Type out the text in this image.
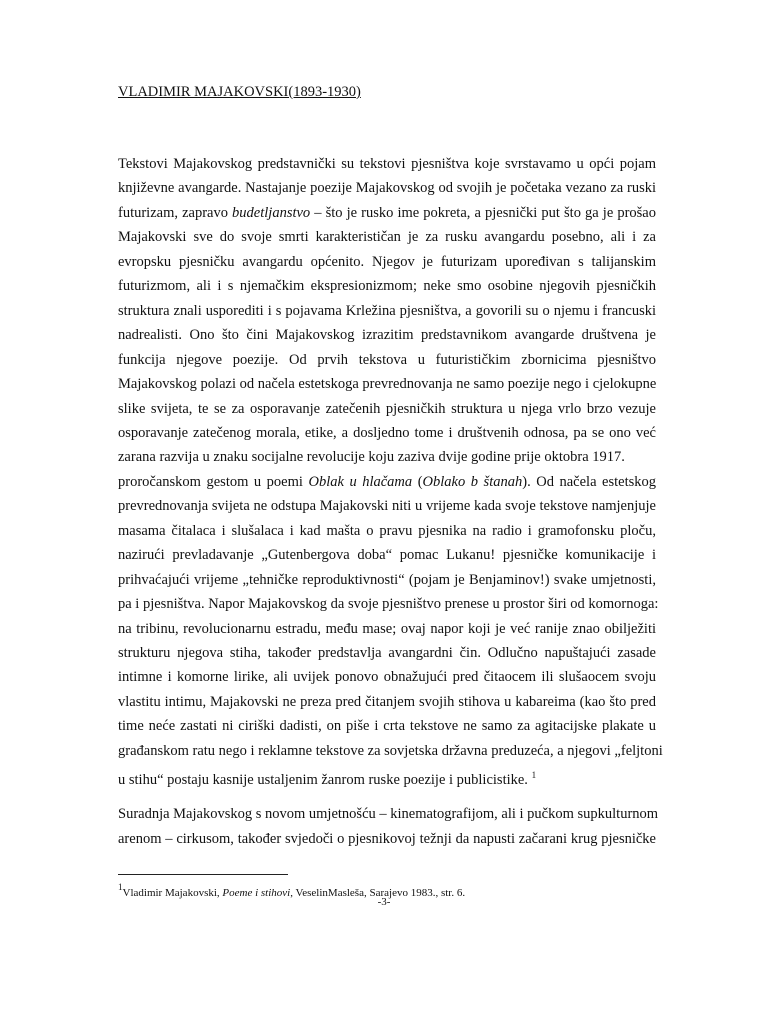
VLADIMIR MAJAKOVSKI(1893-1930)
Tekstovi Majakovskog predstavnički su tekstovi pjesništva koje svrstavamo u opći pojam
književne avangarde. Nastajanje poezije Majakovskog od svojih je početaka vezano za ruski
futurizam, zapravo budetljanstvo – što je rusko ime pokreta, a pjesnički put što ga je prošao
Majakovski sve do svoje smrti karakterističan je za rusku avangardu posebno, ali i za
evropsku pjesničku avangardu općenito. Njegov je futurizam upoređivan s talijanskim
futurizmom, ali i s njemačkim ekspresionizmom; neke smo osobine njegovih pjesničkih
struktura znali usporediti i s pojavama Krležina pjesništva, a govorili su o njemu i francuski
nadrealisti. Ono što čini Majakovskog izrazitim predstavnikom avangarde društvena je
funkcija njegove poezije. Od prvih tekstova u futurističkim zbornicima pjesništvo
Majakovskog polazi od načela estetskoga prevrednovanja ne samo poezije nego i cjelokupne
slike svijeta, te se za osporavanje zatečenih pjesničkih struktura u njega vrlo brzo vezuje
osporavanje zatečenog morala, etike, a dosljedno tome i društvenih odnosa, pa se ono već
zarana razvija u znaku socijalne revolucije koju zaziva dvije godine prije oktobra 1917.
proročanskom gestom u poemi Oblak u hlačama (Oblako b štanah). Od načela estetskog
prevrednovanja svijeta ne odstupa Majakovski niti u vrijeme kada svoje tekstove namjenjuje
masama čitalaca i slušalaca i kad mašta o pravu pjesnika na radio i gramofonsku ploču,
nazirući prevladavanje „Gutenbergova doba“ pomac Lukanu! pjesničke komunikacije i
prihvaćajući vrijeme „tehničke reproduktivnosti“ (pojam je Benjaminov!) svake umjetnosti,
pa i pjesništva. Napor Majakovskog da svoje pjesništvo prenese u prostor širi od komornoga:
na tribinu, revolucionarnu estradu, među mase; ovaj napor koji je već ranije znao obilježiti
strukturu njegova stiha, također predstavlja avangardni čin. Odlučno napuštajući zasade
intimne i komorne lirike, ali uvijek ponovo obnažujući pred čitaocem ili slušaocem svoju
vlastitu intimu, Majakovski ne preza pred čitanjem svojih stihova u kabareima (kao što pred
time neće zastati ni ciriški dadisti, on piše i crta tekstove ne samo za agitacijske plakate u
građanskom ratu nego i reklamne tekstove za sovjetska državna preduzeća, a njegovi „feljtoni
u stihu“ postaju kasnije ustaljenim žanrom ruske poezije i publicistike. $^1$
Suradnja Majakovskog s novom umjetnošću – kinematografijom, ali i pučkom supkulturnom
arenom – cirkusom, također svjedoči o pjesnikovoj težnji da napusti začarani krug pjesničke
$^1$Vladimir Majakovski, Poeme i stihovi, VeselinMasleša, Sarajevo 1983., str. 6.
-3-
